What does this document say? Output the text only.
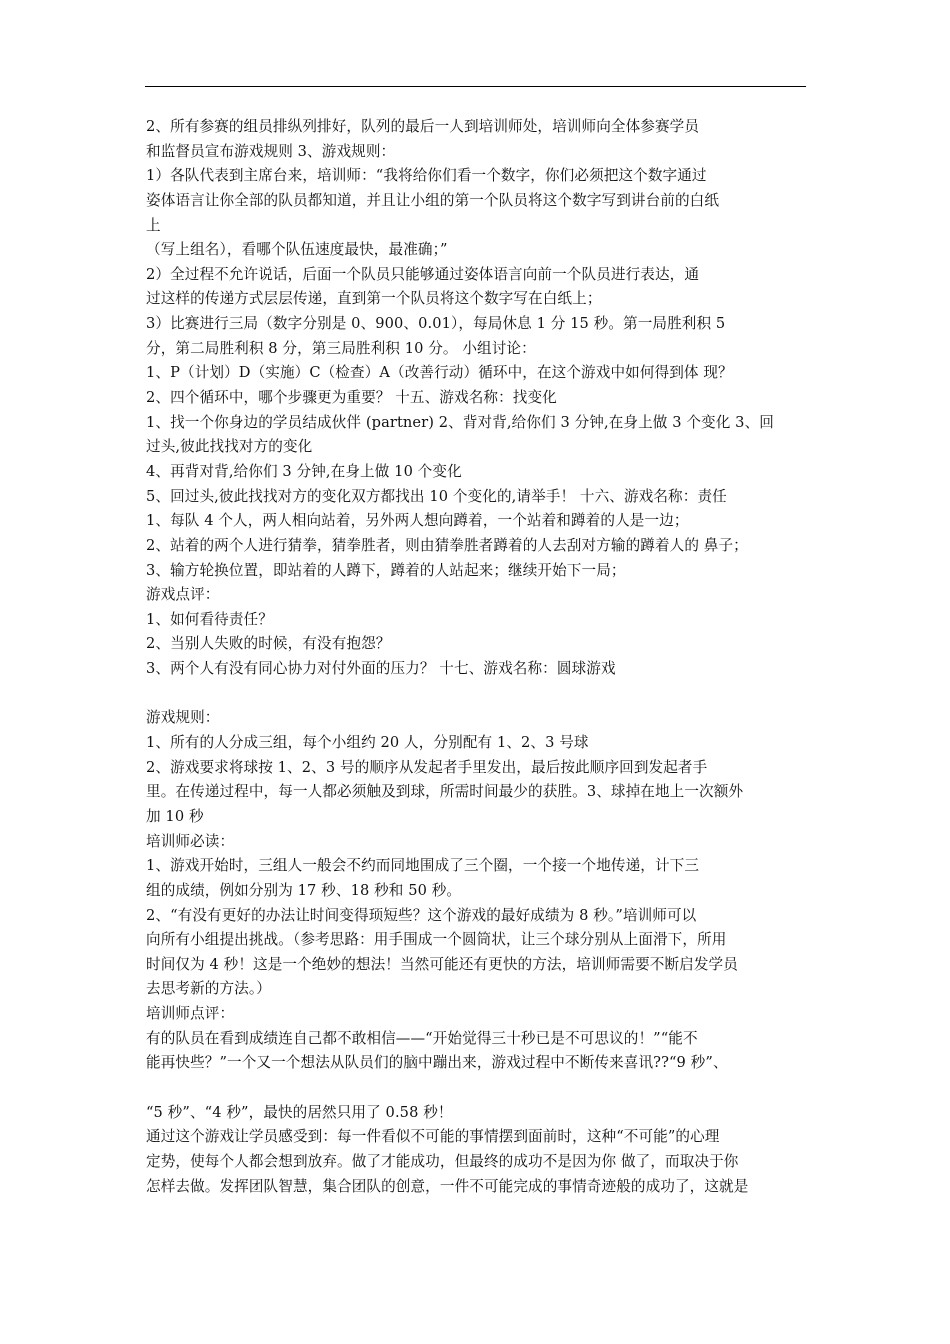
2、所有参赛的组员排纵列排好，队列的最后一人到培训师处，培训师向全体参赛学员
和监督员宣布游戏规则 3、游戏规则：
1）各队代表到主席台来，培训师：“我将给你们看一个数字，你们必须把这个数字通过
姿体语言让你全部的队员都知道，并且让小组的第一个队员将这个数字写到讲台前的白纸
上
（写上组名），看哪个队伍速度最快，最准确；”
2）全过程不允许说话，后面一个队员只能够通过姿体语言向前一个队员进行表达，通
过这样的传递方式层层传递，直到第一个队员将这个数字写在白纸上；
3）比赛进行三局（数字分别是 0、900、0.01），每局休息 1 分 15 秒。第一局胜利积 5
分，第二局胜利积 8 分，第三局胜利积 10 分。 小组讨论：
1、P（计划）D（实施）C（检查）A（改善行动）循环中，在这个游戏中如何得到体 现？
2、四个循环中，哪个步骤更为重要？ 十五、游戏名称：找变化
1、找一个你身边的学员结成伙伴 (partner) 2、背对背,给你们 3 分钟,在身上做 3 个变化 3、回
过头,彼此找找对方的变化
4、再背对背,给你们 3 分钟,在身上做 10 个变化
5、回过头,彼此找找对方的变化双方都找出 10 个变化的,请举手！ 十六、游戏名称：责任
1、每队 4 个人，两人相向站着，另外两人想向蹲着，一个站着和蹲着的人是一边；
2、站着的两个人进行猜拳，猜拳胜者，则由猜拳胜者蹲着的人去刮对方输的蹲着人的 鼻子；
3、输方轮换位置，即站着的人蹲下，蹲着的人站起来；继续开始下一局；
游戏点评：
1、如何看待责任？
2、当别人失败的时候，有没有抱怨？
3、两个人有没有同心协力对付外面的压力？ 十七、游戏名称：圆球游戏
游戏规则：
1、所有的人分成三组，每个小组约 20 人，分别配有 1、2、3 号球
2、游戏要求将球按 1、2、3 号的顺序从发起者手里发出，最后按此顺序回到发起者手
里。在传递过程中，每一人都必须触及到球，所需时间最少的获胜。3、球掉在地上一次额外
加 10 秒
培训师必读：
1、游戏开始时，三组人一般会不约而同地围成了三个圈，一个接一个地传递，计下三
组的成绩，例如分别为 17 秒、18 秒和 50 秒。
2、“有没有更好的办法让时间变得顼短些？这个游戏的最好成绩为 8 秒。”培训师可以
向所有小组提出挑战。（参考思路：用手围成一个圆筒状，让三个球分别从上面滑下，所用
时间仅为 4 秒！这是一个绝妙的想法！当然可能还有更快的方法，培训师需要不断启发学员
去思考新的方法。）
培训师点评：
有的队员在看到成绩连自己都不敢相信——“开始觉得三十秒已是不可思议的！”“能不
能再快些？”一个又一个想法从队员们的脑中蹦出来，游戏过程中不断传来喜讯??“9 秒”、
“5 秒”、“4 秒”，最快的居然只用了 0.58 秒！
通过这个游戏让学员感受到：每一件看似不可能的事情摆到面前时，这种“不可能”的心理
定势，使每个人都会想到放弃。做了才能成功，但最终的成功不是因为你 做了，而取决于你
怎样去做。发挥团队智慧，集合团队的创意，一件不可能完成的事情奇迹般的成功了，这就是
